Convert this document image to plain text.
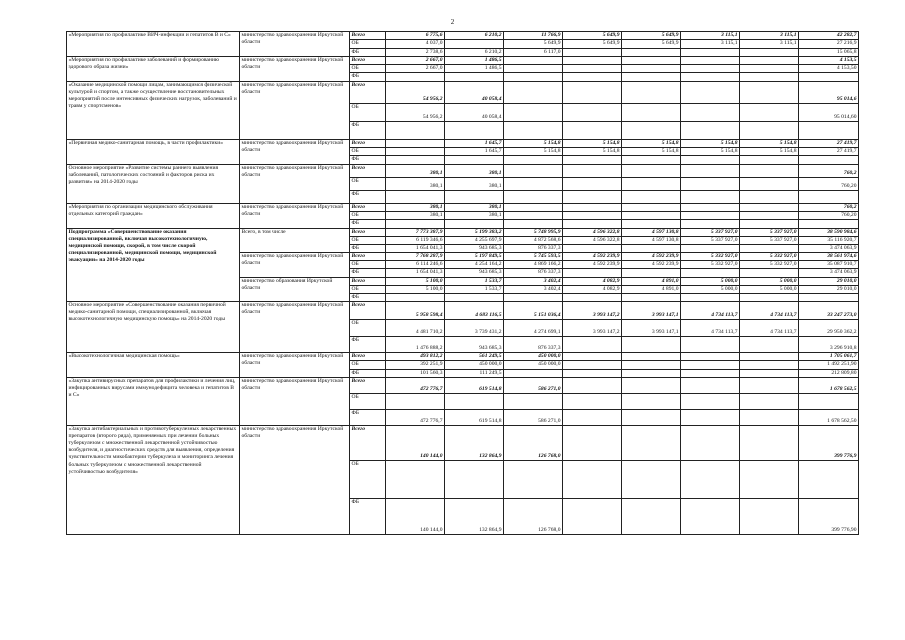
2
«Мероприятия по профилактике ВИЧ-инфекции и гепатитов В и С»	министерство здравоохранения Иркутской области	Всего	6 775,6	6 210,2	11 766,9	5 649,9	5 649,9	3 115,1	3 115,1	42 282,7
		ОБ	4 037,0		5 649,9	5 649,9	5 649,9	3 115,1	3 115,1	27 216,9
		ФБ	2 738,6	6 210,2	6 117,0					15 065,8
«Мероприятия по профилактике заболеваний и формированию здорового образа жизни»	министерство здравоохранения Иркутской области	Всего	2 667,0	1 486,5						4 153,5
		ОБ	2 667,0	1 486,5						4 153,50
		ФБ								
«Оказание медицинской помощи лицам, занимающимся физической культурой и спортом, а также осуществление восстановительных мероприятий после интенсивных физических нагрузок, заболеваний и травм у спортсменов»	министерство здравоохранения Иркутской области	Всего	54 956,2	40 058,4						95 014,6
		ОБ	54 956,2	40 058,4						95 014,60
		ФБ								
«Первичная медико-санитарная помощь, в части профилактики»	министерство здравоохранения Иркутской области	Всего		1 645,7	5 154,8	5 154,8	5 154,8	5 154,8	5 154,8	27 419,7
		ОБ		1 645,7	5 154,8	5 154,8	5 154,8	5 154,8	5 154,8	27 419,7
		ФБ								
Основное мероприятие «Развитие системы раннего выявления заболеваний, патологических состояний и факторов риска их развития» на 2014-2020 годы	министерство здравоохранения Иркутской области	Всего	380,1	380,1						760,2
		ОБ	380,1	380,1						760,20
		ФБ								
«Мероприятия по организации медицинского обслуживания отдельных категорий граждан»	министерство здравоохранения Иркутской области	Всего	380,1	380,1						760,2
		ОБ	380,1	380,1						760,20
		ФБ								
Подпрограмма «Совершенствование оказания специализированной, включая высокотехнологичную, медицинской помощи, скорой, в том числе скорой специализированной, медицинской помощи, медицинской эвакуации» на 2014-2020 годы	Всего, в том числе	Всего	7 773 387,9	5 199 383,2	5 748 995,9	4 596 322,8	4 597 130,8	5 337 927,0	5 337 927,0	38 590 984,6
		ОБ	6 119 346,6	4 255 697,9	4 872 568,6	4 596 322,8	4 597 130,8	5 337 927,0	5 337 927,0	35 116 920,7
		ФБ	1 654 041,3	943 685,3	876 337,3					3 474 063,9
	министерство здравоохранения Иркутской области	Всего	7 768 287,9	5 197 849,5	5 745 593,5	4 592 239,9	4 592 239,9	5 332 927,0	5 332 927,0	38 561 974,6
		ОБ	6 114 246,6	4 254 164,2	4 869 166,2	4 592 239,9	4 592 239,9	5 332 927,0	5 332 927,0	35 087 910,7
		ФБ	1 654 041,3	943 685,3	876 337,3					3 474 063,9
	министерство образования Иркутской области	Всего	5 100,0	1 533,7	3 402,4	4 082,9	4 891,0	5 000,0	5 000,0	29 010,0
		ОБ	5 100,0	1 533,7	3 402,4	4 082,9	4 891,0	5 000,0	5 000,0	29 010,0
		ФБ								
Основное мероприятие «Совершенствование оказания первичной медико-санитарной помощи, специализированной, включая высокотехнологичную медицинскую помощь» на 2014-2020 годы	министерство здравоохранения Иркутской области	Всего	5 958 598,4	4 683 116,5	5 151 036,4	3 993 147,2	3 993 147,1	4 734 113,7	4 734 113,7	33 247 273,0
		ОБ	4 481 710,2	3 739 431,2	4 274 699,1	3 993 147,2	3 993 147,1	4 734 113,7	4 734 113,7	29 950 362,2
		ФБ	1 476 888,2	943 685,3	876 337,3					3 296 910,8
«Высокотехнологичная медицинская помощь»	министерство здравоохранения Иркутской области	Всего	493 812,2	561 249,5	450 000,0					1 705 061,7
		ОБ	392 251,9	450 000,0	450 000,0					1 492 251,90
		ФБ	101 560,3	111 249,5						212 809,80
«Закупка антивирусных препаратов для профилактики и лечения лиц, инфицированных вирусами иммунодефицита человека и гепатитов В и С»	министерство здравоохранения Иркутской области	Всего	472 776,7	619 514,8	586 271,0					1 678 562,5
		ОБ								
		ФБ	472 776,7	619 514,8	586 271,0					1 678 562,50
«Закупка антибактериальных и противотуберкулезных лекарственных препаратов (второго ряда), применяемых при лечении больных туберкулезом с множественной лекарственной устойчивостью возбудителя, и диагностических средств для выявления, определения чувствительности микобактерии туберкулеза и мониторинга лечения больных туберкулезом с множественной лекарственной устойчивостью возбудителя»	министерство здравоохранения Иркутской области	Всего	140 144,0	132 864,9	126 768,0					399 776,9
		ОБ								
		ФБ	140 144,0	132 864,9	126 768,0					399 776,90
